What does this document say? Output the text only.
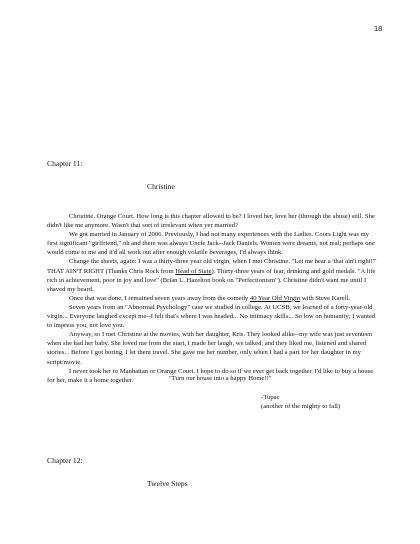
18
Chapter 11:
Christine

Christine. Orange Court. How long is this chapter allowed to be? I loved her, love her (through the abuse) still. She didn't like me anymore. Wasn't that sort of irrelevant when yer married?

We got married in January of 2006. Previously, I had not many experiences with the Ladies. Coors Light was my first significant "girlfriend," oh and there was always Uncle Jack--Jack Daniels. Women were dreams, not real; perhaps one would come to me and it'd all work out after enough volatile beverages, I'd always think.

Change the sheets, again: I was a thirty-three year old virgin, when I met Christine. "Let me hear a 'that ain't right!'" THAT AIN'T RIGHT (Thanks Chris Rock from Head of State). Thirty-three years of fear, drinking and gold medals. "A life rich in achievement, poor in joy and love" (Brian L. Hazelton book on "Perfectionism"). Christine didn't want me until I shaved my beard.

Once that was done, I remained seven years away from the comedy 40 Year Old Virgin with Steve Karell.

Seven years from an "Abnormal Psychology" case we studied in college. At UCSB, we learned of a forty-year-old virgin... Everyone laughed except me--I felt that's where I was headed... No intimacy skills... So low on humanity; I wanted to impress you, not love you.

Anyway, so I met Christine at the movies, with her daughter, Kris. They looked alike--my wife was just seventeen when she had her baby. She loved me from the start, I made her laugh, we talked, and they liked me, listened and shared stories... Before I got boring, I let them travel. She gave me her number, only when I had a part for her daughter in my script/movie.

I never took her to Manhattan or Orange Court. I hope to do so if we ever get back together. I'd like to buy a house for her, make it a home together.	"Turn our house into a happy Home!!"
-Tupac
(another of the mighty to fall)
Chapter 12:
Twelve Steps
